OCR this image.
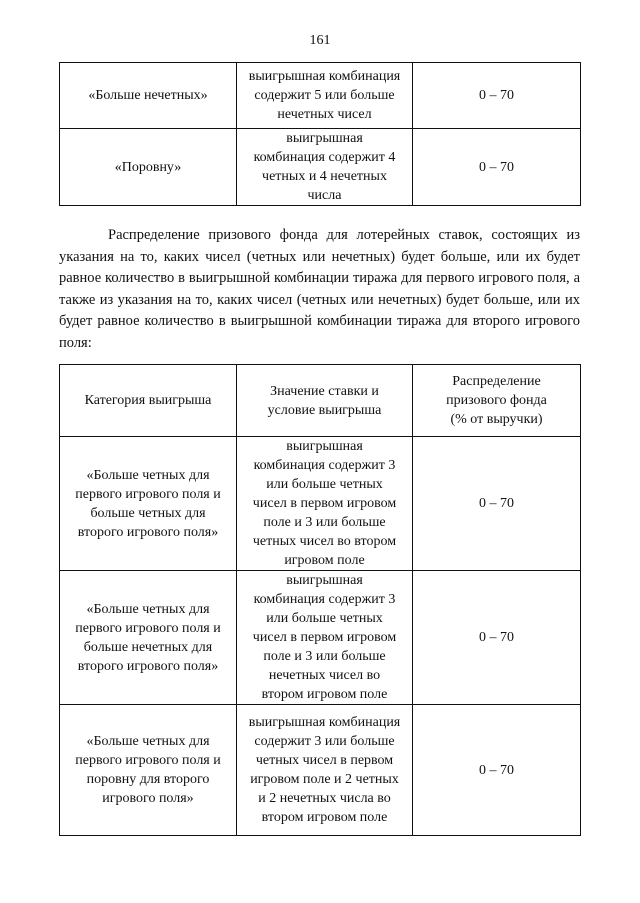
161
«Больше нечетных»	выигрышная комбинация содержит 5 или больше нечетных чисел	0 – 70
«Поровну»	выигрышная комбинация содержит 4 четных и 4 нечетных числа	0 – 70

Распределение призового фонда для лотерейных ставок, состоящих из указания на то, каких чисел (четных или нечетных) будет больше, или их будет равное количество в выигрышной комбинации тиража для первого игрового поля, а также из указания на то, каких чисел (четных или нечетных) будет больше, или их будет равное количество в выигрышной комбинации тиража для второго игрового поля:

Категория выигрыша	Значение ставки и условие выигрыша	Распределение призового фонда (% от выручки)
«Больше четных для первого игрового поля и больше четных для второго игрового поля»	выигрышная комбинация содержит 3 или больше четных чисел в первом игровом поле и 3 или больше четных чисел во втором игровом поле	0 – 70
«Больше четных для первого игрового поля и больше нечетных для второго игрового поля»	выигрышная комбинация содержит 3 или больше четных чисел в первом игровом поле и 3 или больше нечетных чисел во втором игровом поле	0 – 70
«Больше четных для первого игрового поля и поровну для второго игрового поля»	выигрышная комбинация содержит 3 или больше четных чисел в первом игровом поле и 2 четных и 2 нечетных числа во втором игровом поле	0 – 70
